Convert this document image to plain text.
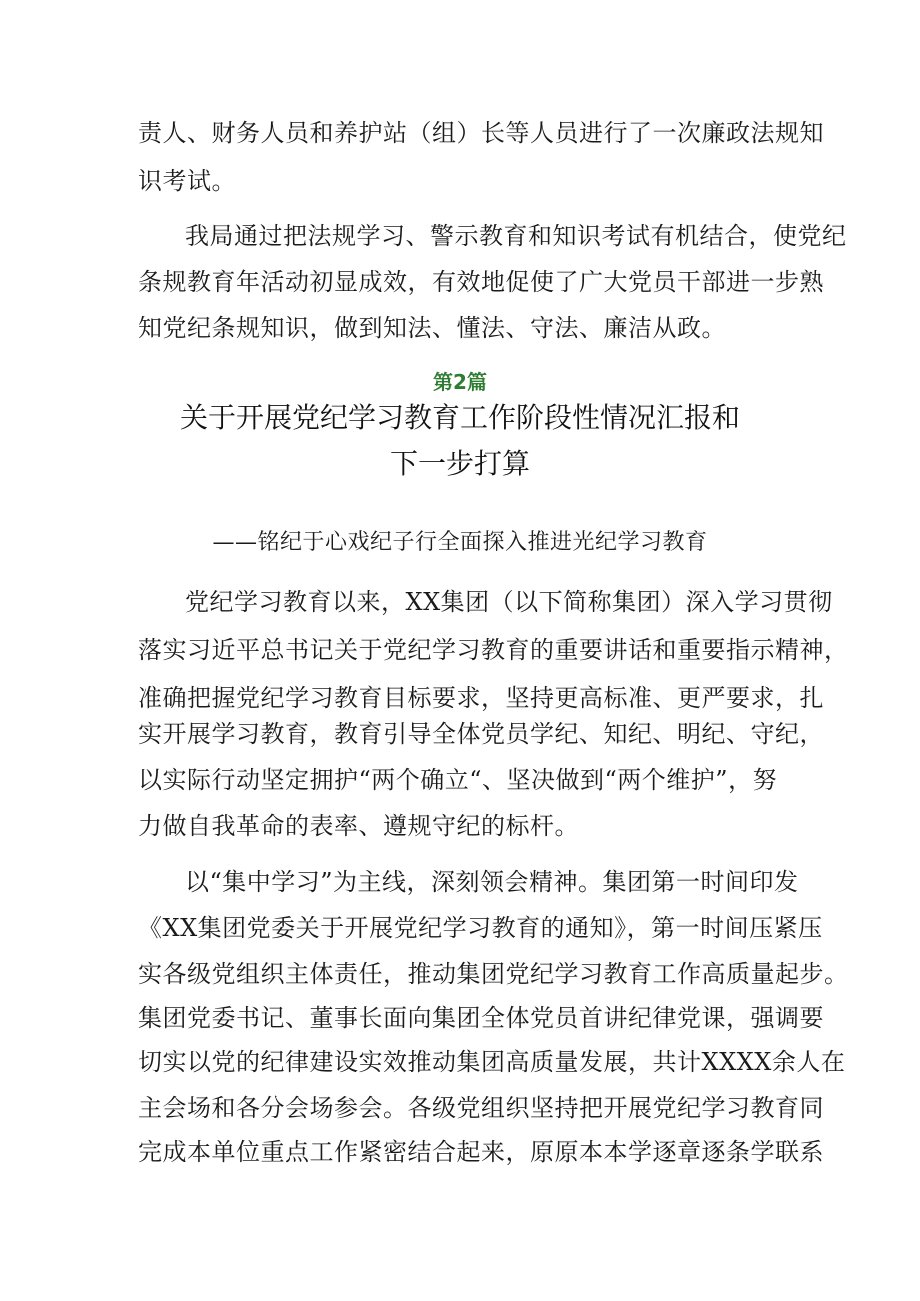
责人、财务人员和养护站（组）长等人员进行了一次廉政法规知
识考试。
我局通过把法规学习、警示教育和知识考试有机结合，使党纪
条规教育年活动初显成效，有效地促使了广大党员干部进一步熟
知党纪条规知识，做到知法、懂法、守法、廉洁从政。
第2篇
关于开展党纪学习教育工作阶段性情况汇报和
下一步打算
——铭纪于心戏纪子行全面探入推进光纪学习教育
党纪学习教育以来，XX集团（以下简称集团）深入学习贯彻
落实习近平总书记关于党纪学习教育的重要讲话和重要指示精神，
准确把握党纪学习教育目标要求，坚持更高标准、更严要求，扎
实开展学习教育，教育引导全体党员学纪、知纪、明纪、守纪，
以实际行动坚定拥护“两个确立“、坚决做到“两个维护”，努
力做自我革命的表率、遵规守纪的标杆。
以“集中学习”为主线，深刻领会精神。集团第一时间印发
《XX集团党委关于开展党纪学习教育的通知》，第一时间压紧压
实各级党组织主体责任，推动集团党纪学习教育工作高质量起步。
集团党委书记、董事长面向集团全体党员首讲纪律党课，强调要
切实以党的纪律建设实效推动集团高质量发展，共计XXXX余人在
主会场和各分会场参会。各级党组织坚持把开展党纪学习教育同
完成本单位重点工作紧密结合起来，原原本本学逐章逐条学联系
